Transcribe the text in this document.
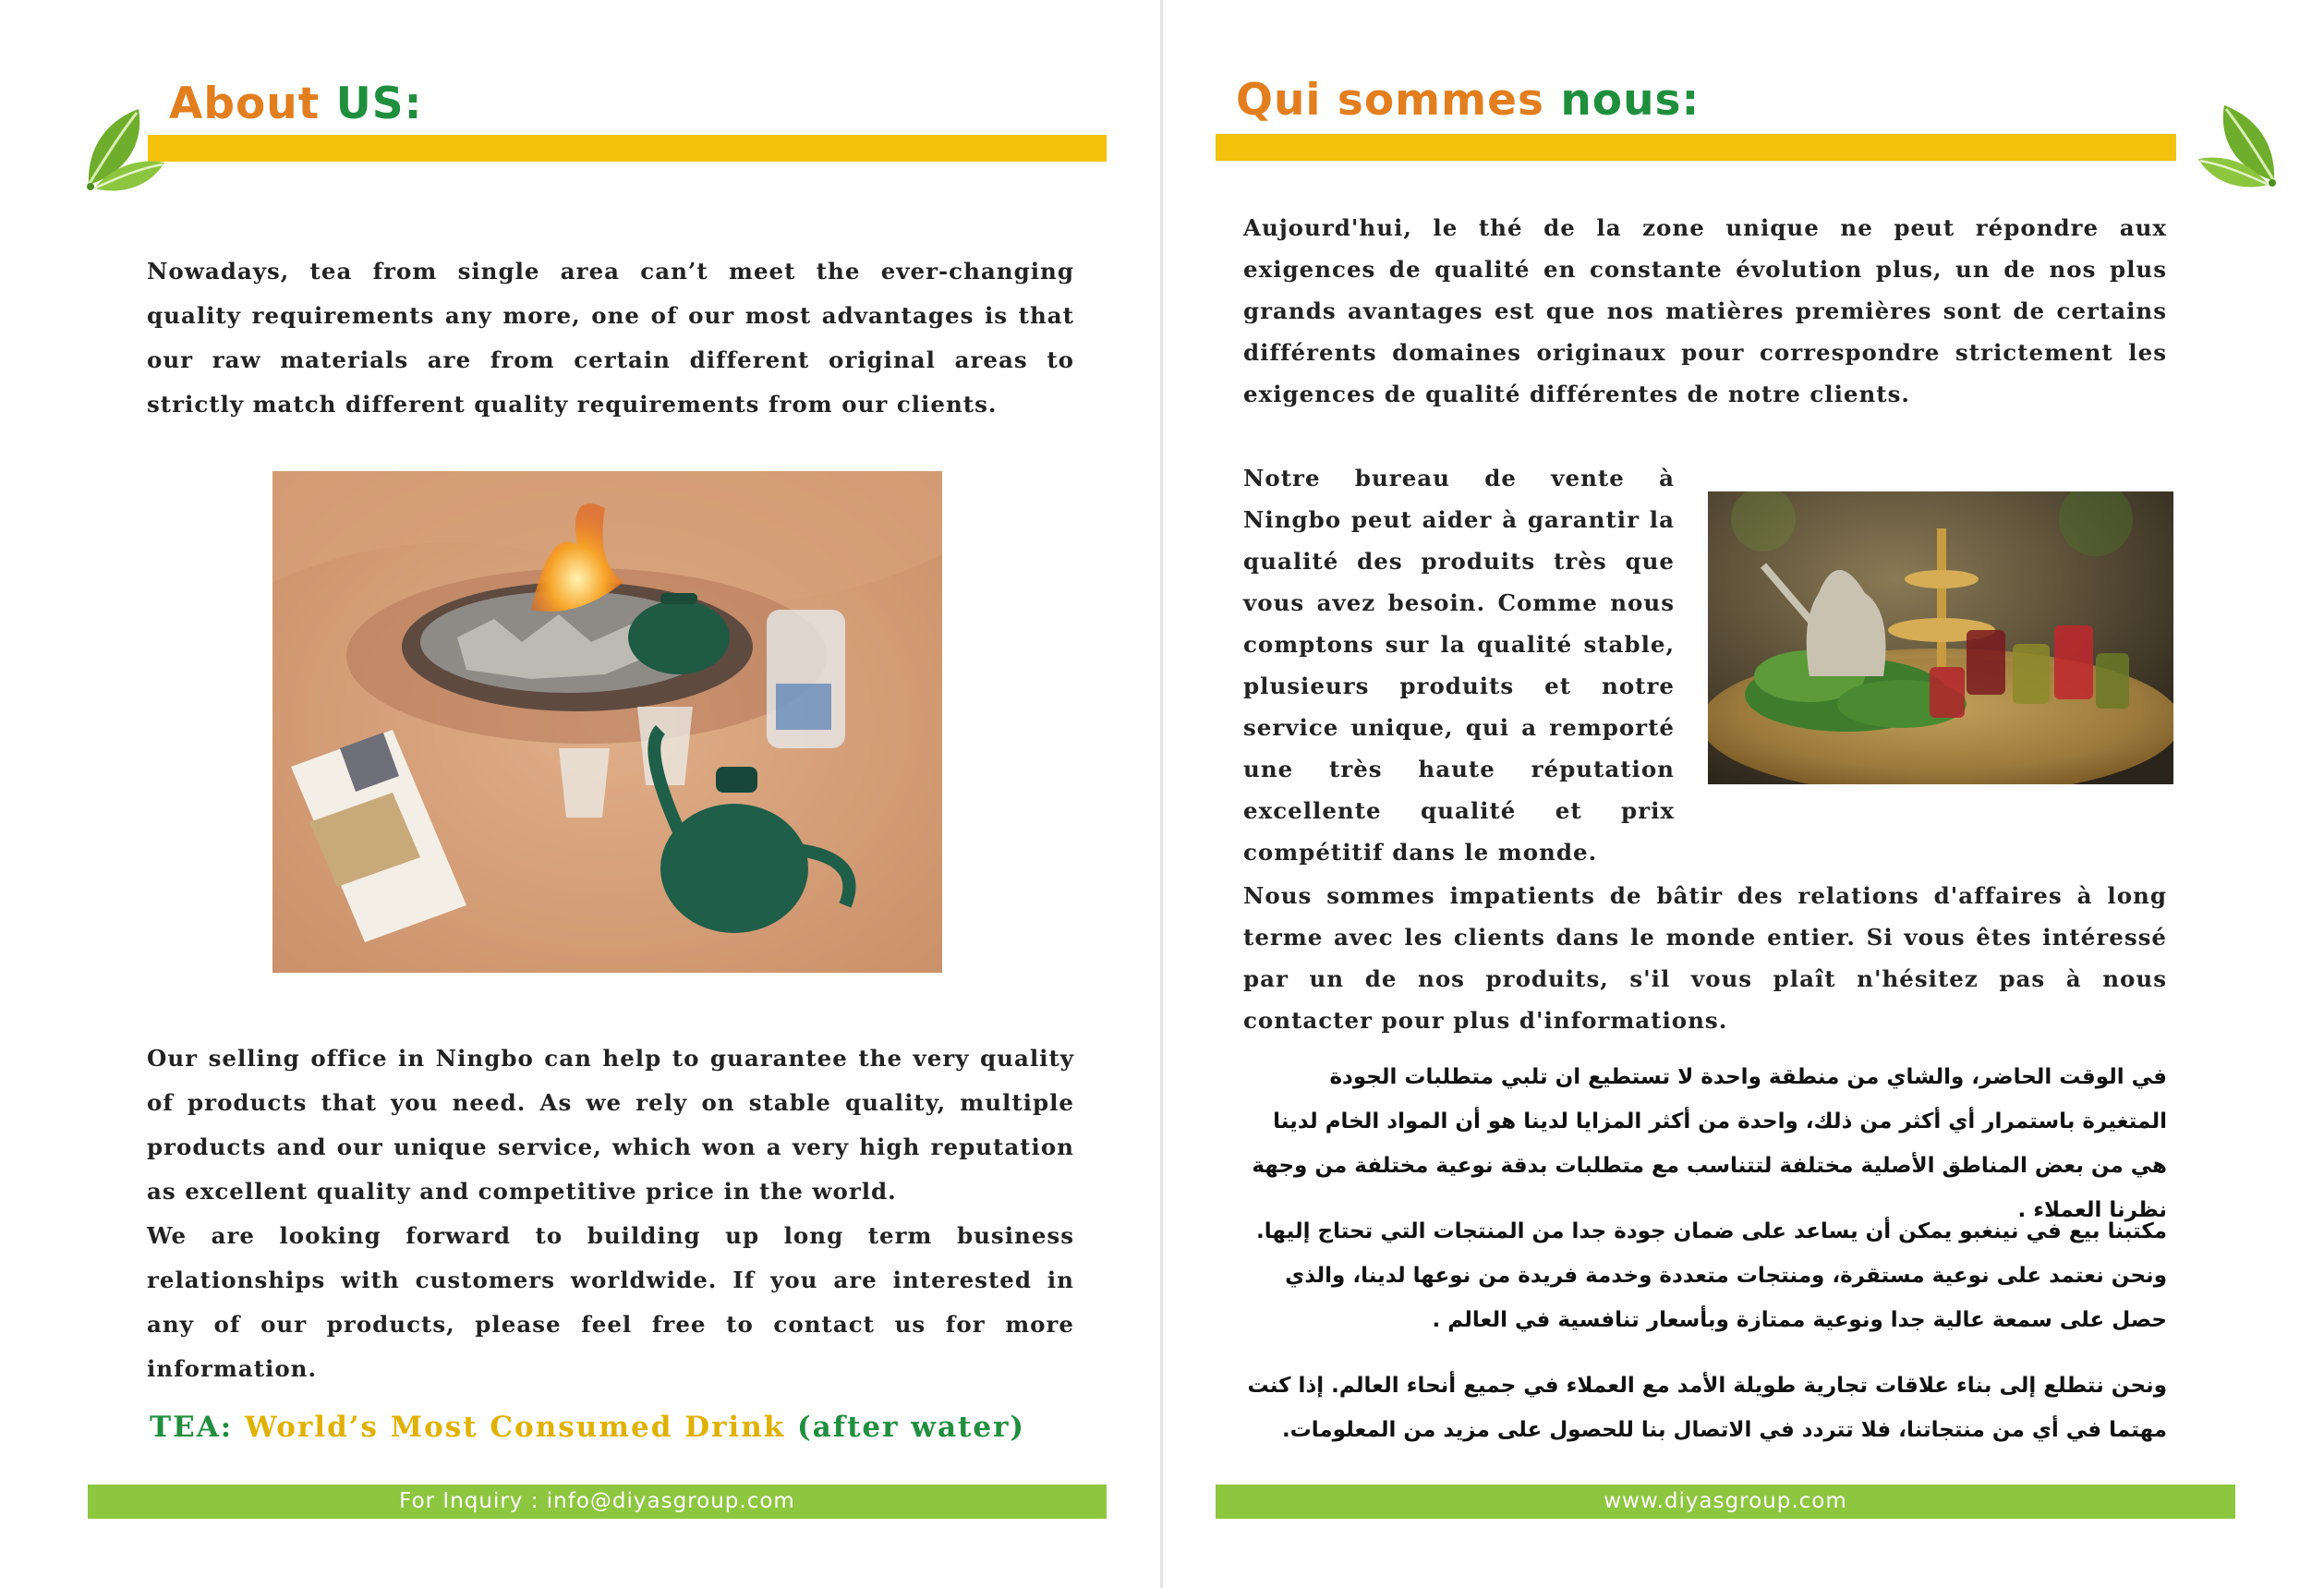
About US:

Nowadays, tea from single area can’t meet the ever-changing quality requirements any more, one of our most advantages is that our raw materials are from certain different original areas to strictly match different quality requirements from our clients.

Our selling office in Ningbo can help to guarantee the very quality of products that you need. As we rely on stable quality, multiple products and our unique service, which won a very high reputation as excellent quality and competitive price in the world.

We are looking forward to building up long term business relationships with customers worldwide. If you are interested in any of our products, please feel free to contact us for more information.

TEA: World’s Most Consumed Drink (after water)

For Inquiry : info@diyasgroup.com
Qui sommes nous:

Aujourd'hui, le thé de la zone unique ne peut répondre aux exigences de qualité en constante évolution plus, un de nos plus grands avantages est que nos matières premières sont de certains différents domaines originaux pour correspondre strictement les exigences de qualité différentes de notre clients.

Notre bureau de vente à Ningbo peut aider à garantir la qualité des produits très que vous avez besoin. Comme nous comptons sur la qualité stable, plusieurs produits et notre service unique, qui a remporté une très haute réputation excellente qualité et prix compétitif dans le monde.

Nous sommes impatients de bâtir des relations d'affaires à long terme avec les clients dans le monde entier. Si vous êtes intéressé par un de nos produits, s'il vous plaît n'hésitez pas à nous contacter pour plus d'informations.

في الوقت الحاضر، والشاي من منطقة واحدة لا تستطيع ان تلبي متطلبات الجودة المتغيرة باستمرار أي أكثر من ذلك، واحدة من أكثر المزايا لدينا هو أن المواد الخام لدينا هي من بعض المناطق الأصلية مختلفة لتتناسب مع متطلبات بدقة نوعية مختلفة من وجهة نظرنا العملاء .

مكتبنا بيع في نينغبو يمكن أن يساعد على ضمان جودة جدا من المنتجات التي تحتاج إليها. ونحن نعتمد على نوعية مستقرة، ومنتجات متعددة وخدمة فريدة من نوعها لدينا، والذي حصل على سمعة عالية جدا ونوعية ممتازة وبأسعار تنافسية في العالم .

ونحن نتطلع إلى بناء علاقات تجارية طويلة الأمد مع العملاء في جميع أنحاء العالم. إذا كنت مهتما في أي من منتجاتنا، فلا تتردد في الاتصال بنا للحصول على مزيد من المعلومات.

www.diyasgroup.com
